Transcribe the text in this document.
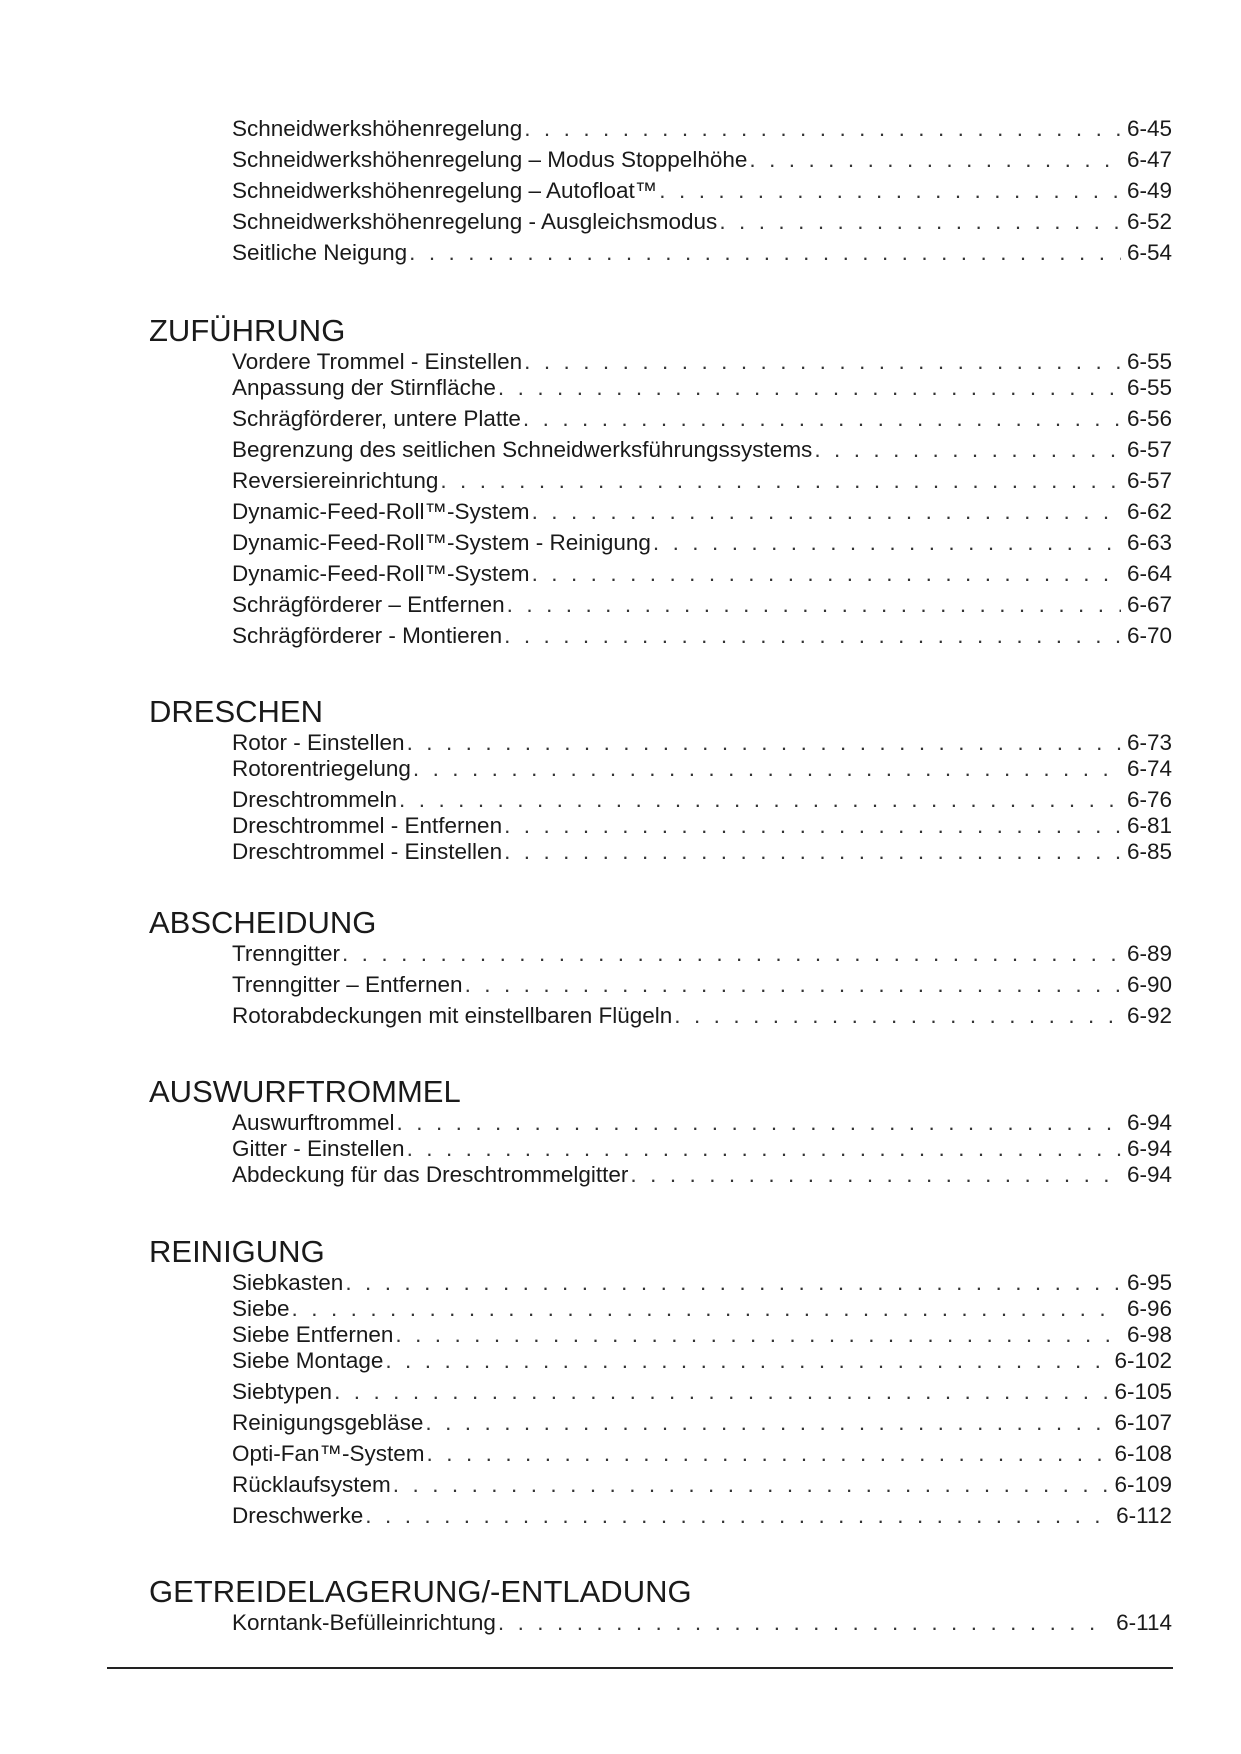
Schneidwerkshöhenregelung . . .	6-45
Schneidwerkshöhenregelung – Modus Stoppelhöhe . . .	6-47
Schneidwerkshöhenregelung – Autofloat™ . . .	6-49
Schneidwerkshöhenregelung - Ausgleichsmodus . . .	6-52
Seitliche Neigung . . .	6-54
ZUFÜHRUNG
Vordere Trommel - Einstellen . . .	6-55
Anpassung der Stirnfläche . . .	6-55
Schrägförderer, untere Platte . . .	6-56
Begrenzung des seitlichen Schneidwerksführungssystems . . .	6-57
Reversiereinrichtung . . .	6-57
Dynamic-Feed-Roll™-System . . .	6-62
Dynamic-Feed-Roll™-System - Reinigung . . .	6-63
Dynamic-Feed-Roll™-System . . .	6-64
Schrägförderer – Entfernen . . .	6-67
Schrägförderer - Montieren . . .	6-70
DRESCHEN
Rotor - Einstellen . . .	6-73
Rotorentriegelung . . .	6-74
Dreschtrommeln . . .	6-76
Dreschtrommel - Entfernen . . .	6-81
Dreschtrommel - Einstellen . . .	6-85
ABSCHEIDUNG
Trenngitter . . .	6-89
Trenngitter – Entfernen . . .	6-90
Rotorabdeckungen mit einstellbaren Flügeln . . .	6-92
AUSWURFTROMMEL
Auswurftrommel . . .	6-94
Gitter - Einstellen . . .	6-94
Abdeckung für das Dreschtrommelgitter . . .	6-94
REINIGUNG
Siebkasten . . .	6-95
Siebe . . .	6-96
Siebe Entfernen . . .	6-98
Siebe Montage . . .	6-102
Siebtypen . . .	6-105
Reinigungsgebläse . . .	6-107
Opti-Fan™-System . . .	6-108
Rücklaufsystem . . .	6-109
Dreschwerke . . .	6-112
GETREIDELAGERUNG/-ENTLADUNG
Korntank-Befülleinrichtung . . .	6-114
